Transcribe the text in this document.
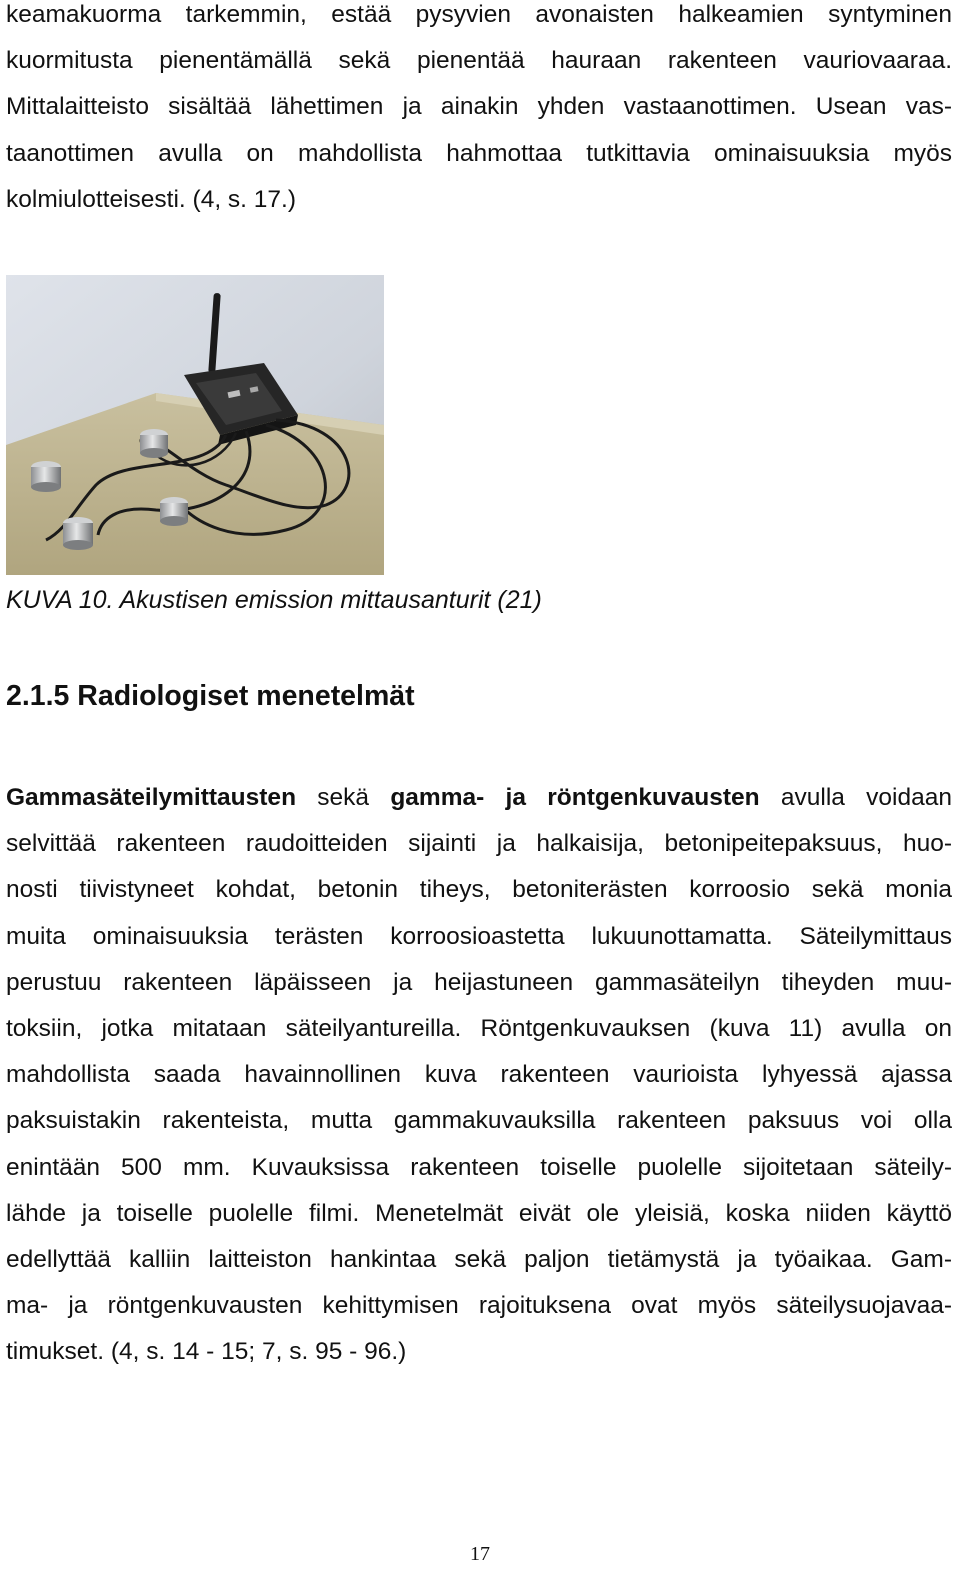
keamakuorma tarkemmin, estää pysyvien avonaisten halkeamien syntyminen
kuormitusta pienentämällä sekä pienentää hauraan rakenteen vauriovaaraa.
Mittalaitteisto sisältää lähettimen ja ainakin yhden vastaanottimen. Usean vas-
taanottimen avulla on mahdollista hahmottaa tutkittavia ominaisuuksia myös
kolmiulotteisesti. (4, s. 17.)
KUVA 10. Akustisen emission mittausanturit (21)
2.1.5 Radiologiset menetelmät
Gammasäteilymittausten sekä gamma- ja röntgenkuvausten avulla voidaan
selvittää rakenteen raudoitteiden sijainti ja halkaisija, betonipeitepaksuus, huo-
nosti tiivistyneet kohdat, betonin tiheys, betoniterästen korroosio sekä monia
muita ominaisuuksia terästen korroosioastetta lukuunottamatta. Säteilymittaus
perustuu rakenteen läpäisseen ja heijastuneen gammasäteilyn tiheyden muu-
toksiin, jotka mitataan säteilyantureilla. Röntgenkuvauksen (kuva 11) avulla on
mahdollista saada havainnollinen kuva rakenteen vaurioista lyhyessä ajassa
paksuistakin rakenteista, mutta gammakuvauksilla rakenteen paksuus voi olla
enintään 500 mm. Kuvauksissa rakenteen toiselle puolelle sijoitetaan säteily-
lähde ja toiselle puolelle filmi. Menetelmät eivät ole yleisiä, koska niiden käyttö
edellyttää kalliin laitteiston hankintaa sekä paljon tietämystä ja työaikaa. Gam-
ma- ja röntgenkuvausten kehittymisen rajoituksena ovat myös säteilysuojavaa-
timukset. (4, s. 14 - 15; 7, s. 95 - 96.)
17
